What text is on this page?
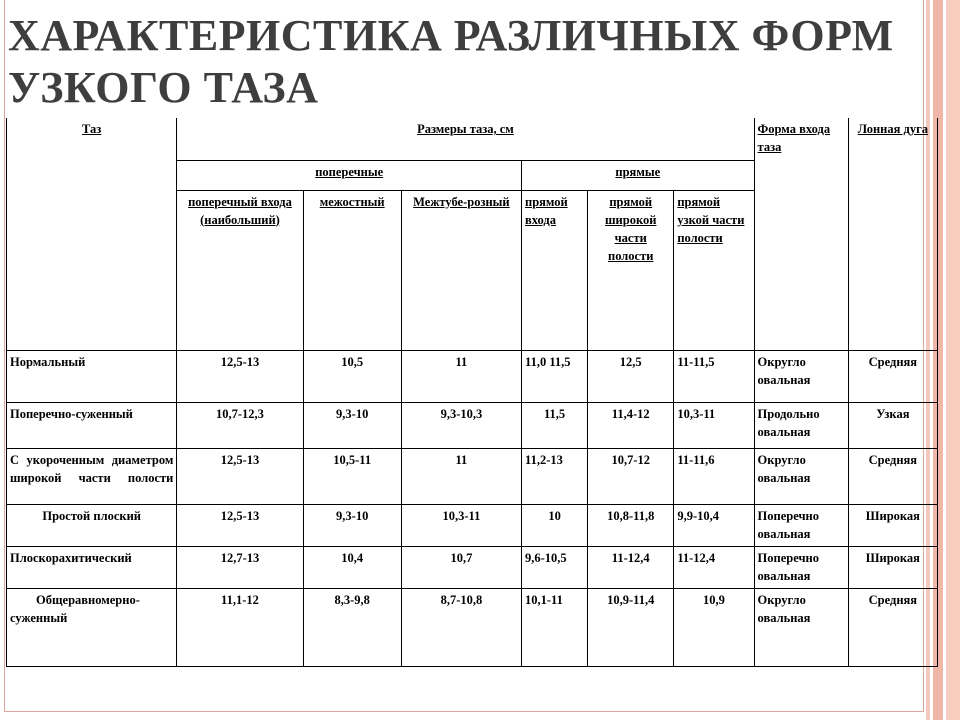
ХАРАКТЕРИСТИКА РАЗЛИЧНЫХ ФОРМ УЗКОГО ТАЗА
Таз	Размеры таза, см						Форма входа таза	Лонная дуга
	поперечные			прямые				
	поперечный входа (наибольший)	межостный	Межтубе-розный	прямой входа	прямой широкой части полости	прямой узкой части полости		
Нормальный	12,5-13	10,5	11	11,0 11,5	12,5	11-11,5	Округло овальная	Средняя
Поперечно-суженный	10,7-12,3	9,3-10	9,3-10,3	11,5	11,4-12	10,3-11	Продольно овальная	Узкая
С укороченным диаметром широкой части полости	12,5-13	10,5-11	11	11,2-13	10,7-12	11-11,6	Округло овальная	Средняя
Простой плоский	12,5-13	9,3-10	10,3-11	10	10,8-11,8	9,9-10,4	Поперечно овальная	Широкая
Плоскорахитический	12,7-13	10,4	10,7	9,6-10,5	11-12,4	11-12,4	Поперечно овальная	Широкая
Общеравномерно-суженный	11,1-12	8,3-9,8	8,7-10,8	10,1-11	10,9-11,4	10,9	Округло овальная	Средняя
